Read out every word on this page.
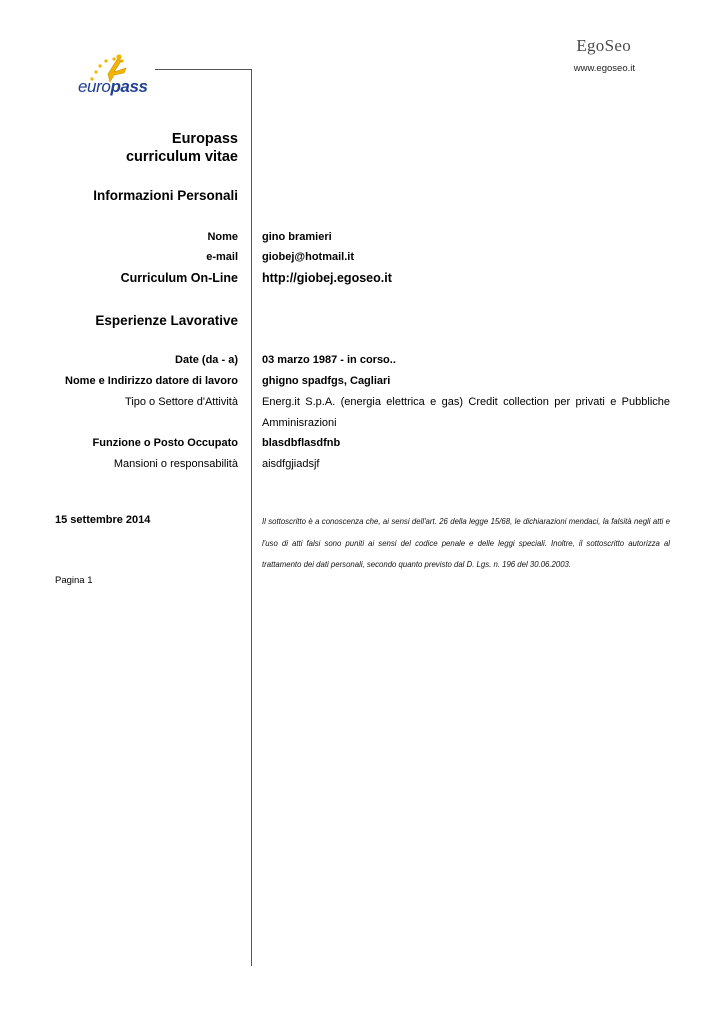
EgoSeo
www.egoseo.it
europass
Europass
curriculum vitae
Informazioni Personali
Nome gino bramieri
e-mail giobej@hotmail.it
Curriculum On-Line http://giobej.egoseo.it
Esperienze Lavorative
Date (da - a) 03 marzo 1987 - in corso..
Nome e Indirizzo datore di lavoro ghigno spadfgs, Cagliari
Tipo o Settore d'Attività Energ.it S.p.A. (energia elettrica e gas) Credit collection per privati e Pubbliche Amminisrazioni
Funzione o Posto Occupato blasdbflasdfnb
Mansioni o responsabilità aisdfgjiadsjf
15 settembre 2014	Il sottoscritto è a conoscenza che, ai sensi dell'art. 26 della legge 15/68, le dichiarazioni mendaci, la falsità negli atti e l'uso di atti falsi sono puniti ai sensi del codice penale e delle leggi speciali. Inoltre, il sottoscritto autorizza al trattamento dei dati personali, secondo quanto previsto dal D. Lgs. n. 196 del 30.06.2003.
Pagina 1
